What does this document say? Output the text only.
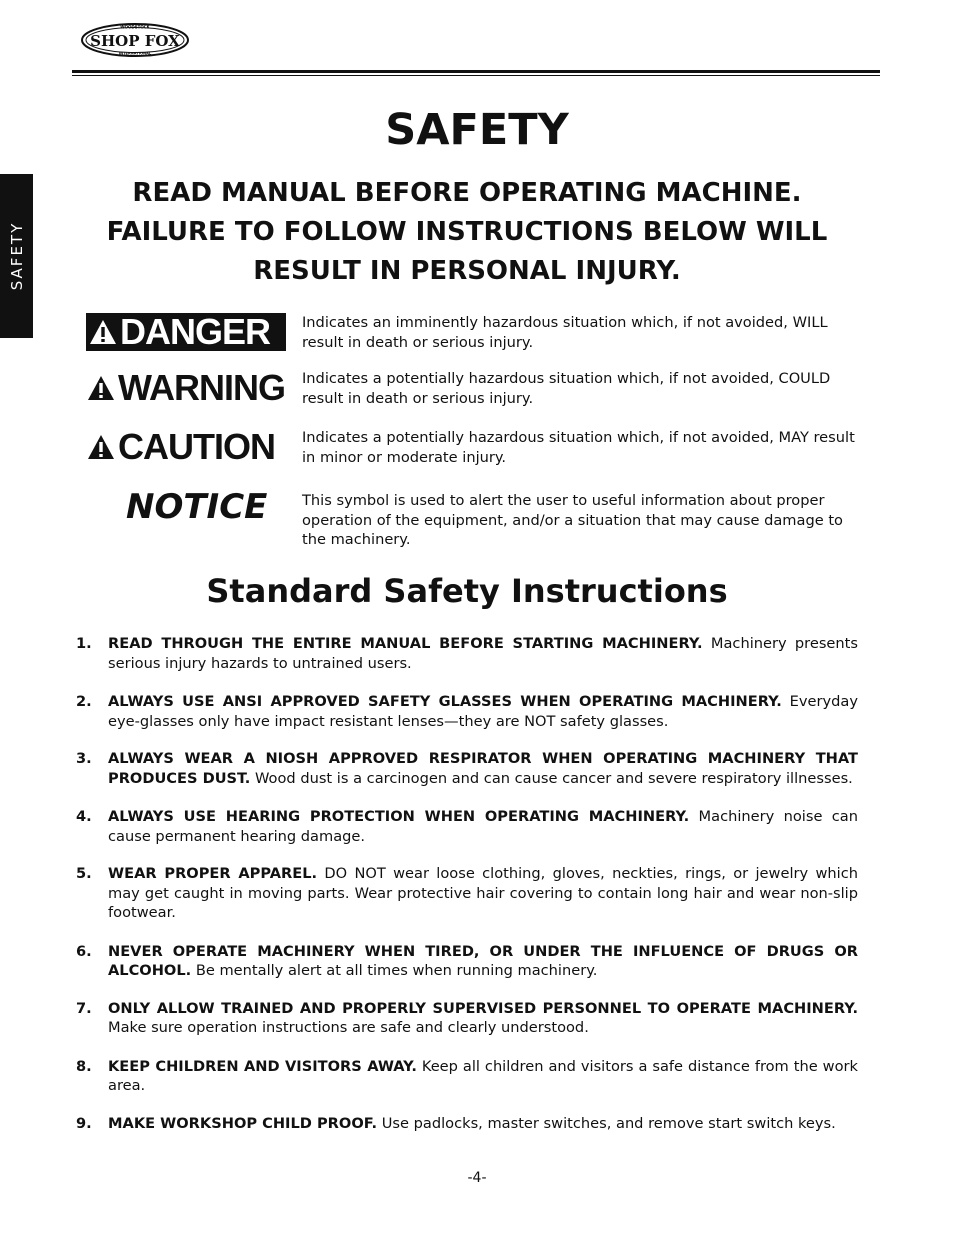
WOODSTOCK
SHOP FOX
INTERNATIONAL
SAFETY
SAFETY
READ MANUAL BEFORE OPERATING MACHINE.
FAILURE TO FOLLOW INSTRUCTIONS BELOW WILL
RESULT IN PERSONAL INJURY.
DANGER Indicates an imminently hazardous situation which, if not avoided, WILL result in death or serious injury.
WARNING Indicates a potentially hazardous situation which, if not avoided, COULD result in death or serious injury.
CAUTION Indicates a potentially hazardous situation which, if not avoided, MAY result in minor or moderate injury.
NOTICE This symbol is used to alert the user to useful information about proper operation of the equipment, and/or a situation that may cause damage to the machinery.
Standard Safety Instructions
1. READ THROUGH THE ENTIRE MANUAL BEFORE STARTING MACHINERY. Machinery presents serious injury hazards to untrained users.
2. ALWAYS USE ANSI APPROVED SAFETY GLASSES WHEN OPERATING MACHINERY. Everyday eye-glasses only have impact resistant lenses—they are NOT safety glasses.
3. ALWAYS WEAR A NIOSH APPROVED RESPIRATOR WHEN OPERATING MACHINERY THAT PRODUCES DUST. Wood dust is a carcinogen and can cause cancer and severe respiratory illnesses.
4. ALWAYS USE HEARING PROTECTION WHEN OPERATING MACHINERY. Machinery noise can cause permanent hearing damage.
5. WEAR PROPER APPAREL. DO NOT wear loose clothing, gloves, neckties, rings, or jewelry which may get caught in moving parts. Wear protective hair covering to contain long hair and wear non-slip footwear.
6. NEVER OPERATE MACHINERY WHEN TIRED, OR UNDER THE INFLUENCE OF DRUGS OR ALCOHOL. Be mentally alert at all times when running machinery.
7. ONLY ALLOW TRAINED AND PROPERLY SUPERVISED PERSONNEL TO OPERATE MACHINERY. Make sure operation instructions are safe and clearly understood.
8. KEEP CHILDREN AND VISITORS AWAY. Keep all children and visitors a safe distance from the work area.
9. MAKE WORKSHOP CHILD PROOF. Use padlocks, master switches, and remove start switch keys.
-4-
